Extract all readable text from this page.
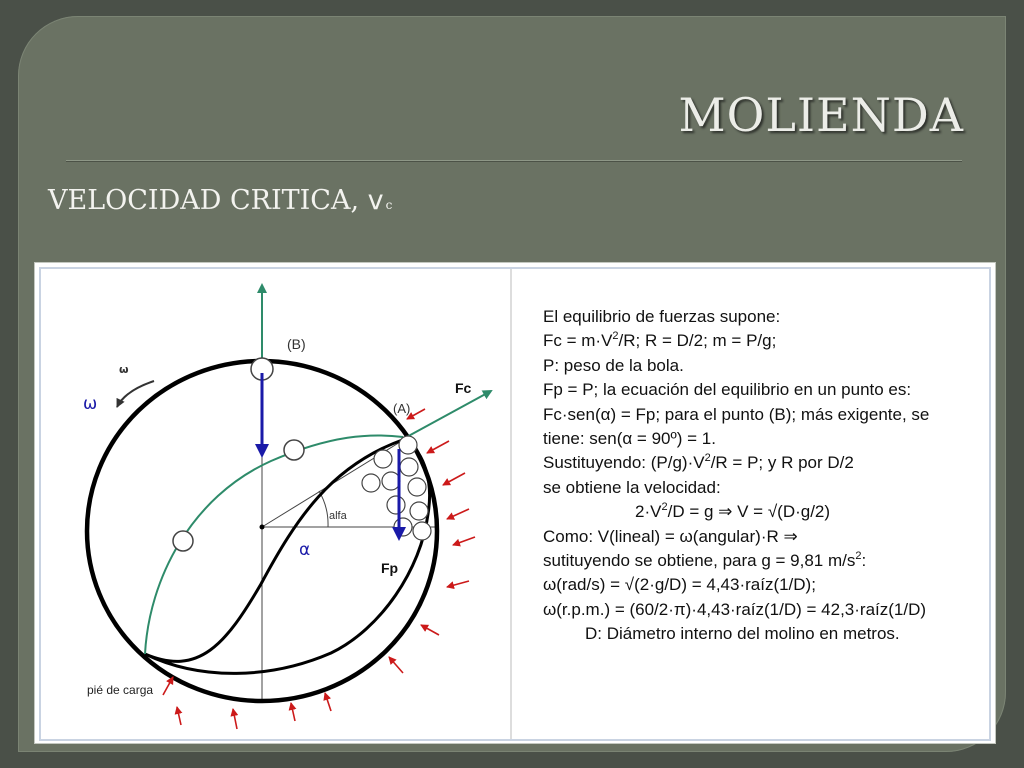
MOLIENDA
VELOCIDAD CRITICA, v c
(B)
(A)
ω
ω
alfa
α
Fc
Fp
pié de carga
El equilibrio de fuerzas supone:
$Fc = m\cdot V^2/R$; R = D/2; m = P/g;
P: peso de la bola.
Fp = P; la ecuación del equilibrio en un punto es:
Fc·sen(α) = Fp; para el punto (B); más exigente, se
tiene: sen(α = 90º) = 1.
Sustituyendo: $(P/g)\cdot V^2/R = P$; y R por D/2
se obtiene la velocidad:
$2\cdot V^2/D = g$ ⇒ V = √(D·g/2)
Como: V(lineal) = ω(angular)·R ⇒
sutituyendo se obtiene, para g = 9,81 $m/s^2$:
ω(rad/s) = √(2·g/D) = 4,43·raíz(1/D);
ω(r.p.m.) = (60/2·π)·4,43·raíz(1/D) = 42,3·raíz(1/D)
D: Diámetro interno del molino en metros.
